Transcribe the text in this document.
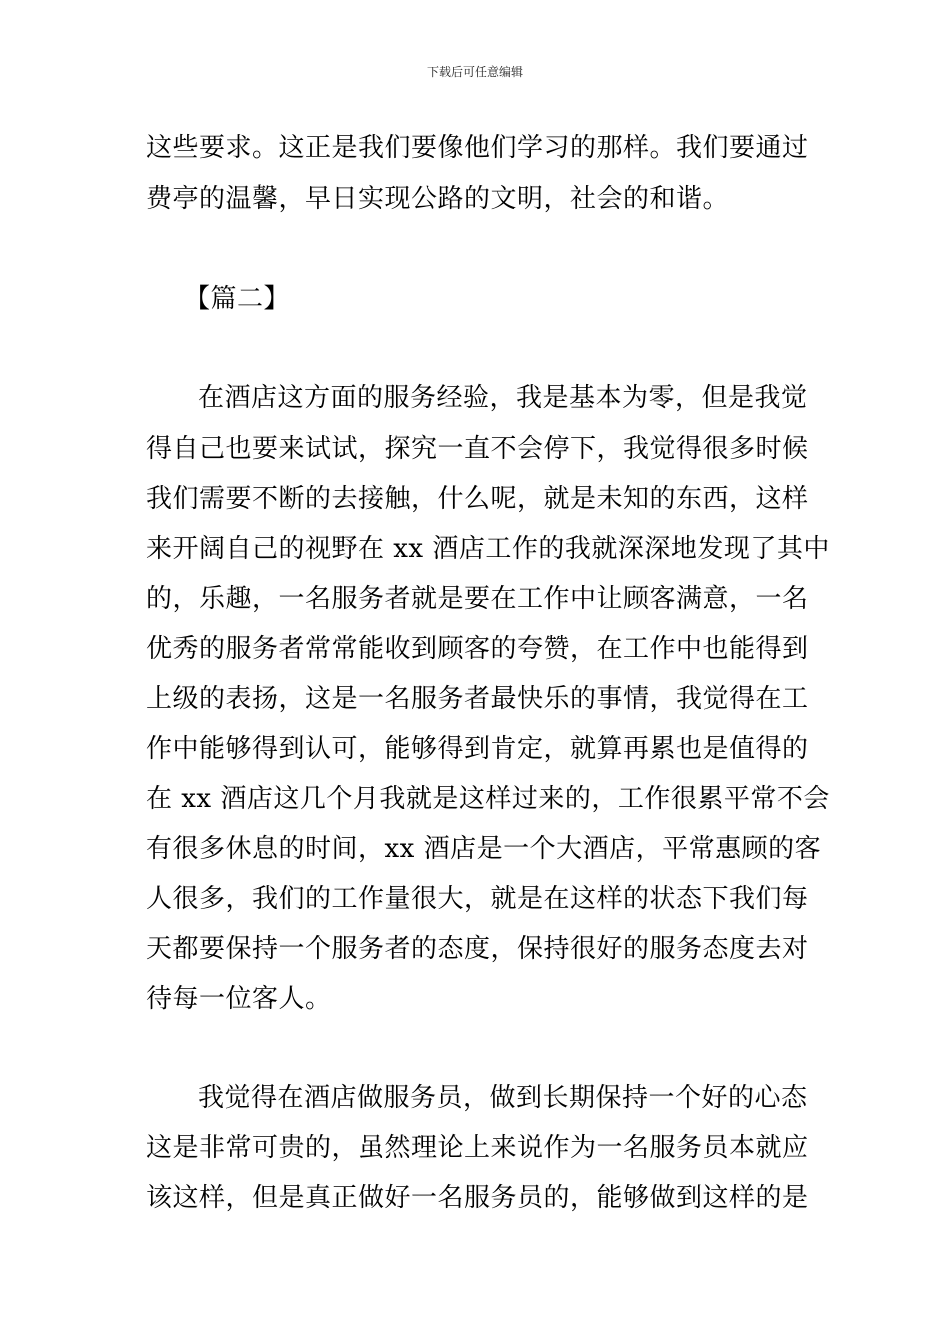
下载后可任意编辑
这些要求。这正是我们要像他们学习的那样。我们要通过
费亭的温馨，早日实现公路的文明，社会的和谐。
【篇二】
在酒店这方面的服务经验，我是基本为零，但是我觉
得自己也要来试试，探究一直不会停下，我觉得很多时候
我们需要不断的去接触，什么呢，就是未知的东西，这样
来开阔自己的视野在 xx 酒店工作的我就深深地发现了其中
的，乐趣，一名服务者就是要在工作中让顾客满意，一名
优秀的服务者常常能收到顾客的夸赞，在工作中也能得到
上级的表扬，这是一名服务者最快乐的事情，我觉得在工
作中能够得到认可，能够得到肯定，就算再累也是值得的
在 xx 酒店这几个月我就是这样过来的，工作很累平常不会
有很多休息的时间，xx 酒店是一个大酒店，平常惠顾的客
人很多，我们的工作量很大，就是在这样的状态下我们每
天都要保持一个服务者的态度，保持很好的服务态度去对
待每一位客人。
我觉得在酒店做服务员，做到长期保持一个好的心态
这是非常可贵的，虽然理论上来说作为一名服务员本就应
该这样，但是真正做好一名服务员的，能够做到这样的是
